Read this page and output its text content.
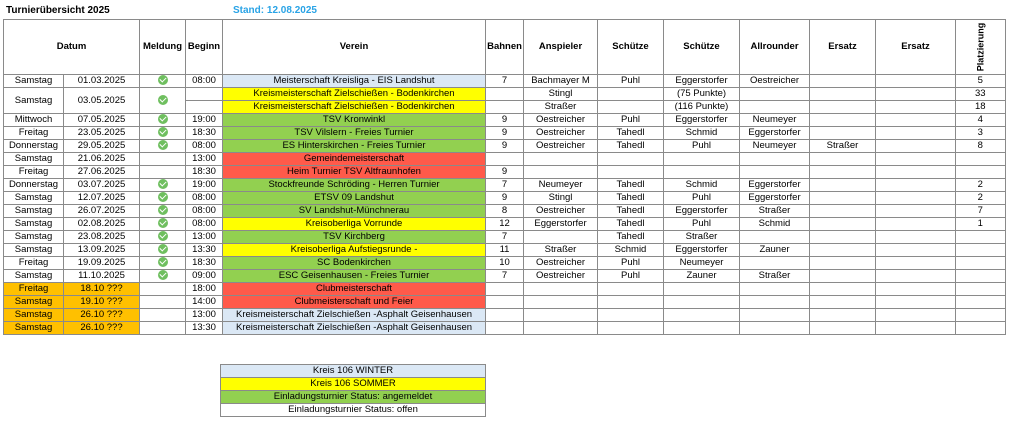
Turnierübersicht 2025	Stand: 12.08.2025
Datum		Meldung	Beginn	Verein	Bahnen	Anspieler	Schütze	Schütze	Allrounder	Ersatz	Ersatz	Platzierung

Samstag	01.03.2025		08:00	Meisterschaft Kreisliga - EIS Landshut	7	Bachmayer M	Puhl	Eggerstorfer	Oestreicher			5
Samstag	03.05.2025			Kreismeisterschaft Zielschießen - Bodenkirchen		Stingl		(75 Punkte)				33
				Kreismeisterschaft Zielschießen - Bodenkirchen		Straßer		(116 Punkte)				18
Mittwoch	07.05.2025		19:00	TSV Kronwinkl	9	Oestreicher	Puhl	Eggerstorfer	Neumeyer			4
Freitag	23.05.2025		18:30	TSV Vilslern - Freies Turnier	9	Oestreicher	Tahedl	Schmid	Eggerstorfer			3
Donnerstag	29.05.2025		08:00	ES Hinterskirchen - Freies Turnier	9	Oestreicher	Tahedl	Puhl	Neumeyer	Straßer		8
Samstag	21.06.2025		13:00	Gemeindemeisterschaft								
Freitag	27.06.2025		18:30	Heim Turnier TSV Altfraunhofen	9							
Donnerstag	03.07.2025		19:00	Stockfreunde Schröding - Herren Turnier	7	Neumeyer	Tahedl	Schmid	Eggerstorfer			2
Samstag	12.07.2025		08:00	ETSV 09 Landshut	9	Stingl	Tahedl	Puhl	Eggerstorfer			2
Samstag	26.07.2025		08:00	SV Landshut-Münchnerau	8	Oestreicher	Tahedl	Eggerstorfer	Straßer			7
Samstag	02.08.2025		08:00	Kreisoberliga Vorrunde	12	Eggerstorfer	Tahedl	Puhl	Schmid			1
Samstag	23.08.2025		13:00	TSV Kirchberg	7		Tahedl	Straßer				
Samstag	13.09.2025		13:30	Kreisoberliga Aufstiegsrunde -	11	Straßer	Schmid	Eggerstorfer	Zauner			
Freitag	19.09.2025		18:30	SC Bodenkirchen	10	Oestreicher	Puhl	Neumeyer				
Samstag	11.10.2025		09:00	ESC Geisenhausen - Freies Turnier	7	Oestreicher	Puhl	Zauner	Straßer			
Freitag	18.10 ???		18:00	Clubmeisterschaft								
Samstag	19.10 ???		14:00	Clubmeisterschaft und Feier								
Samstag	26.10 ???		13:00	Kreismeisterschaft Zielschießen -Asphalt Geisenhausen								
Samstag	26.10 ???		13:30	Kreismeisterschaft Zielschießen -Asphalt Geisenhausen								
Kreis 106 WINTER
Kreis 106 SOMMER
Einladungsturnier Status: angemeldet
Einladungsturnier Status: offen
